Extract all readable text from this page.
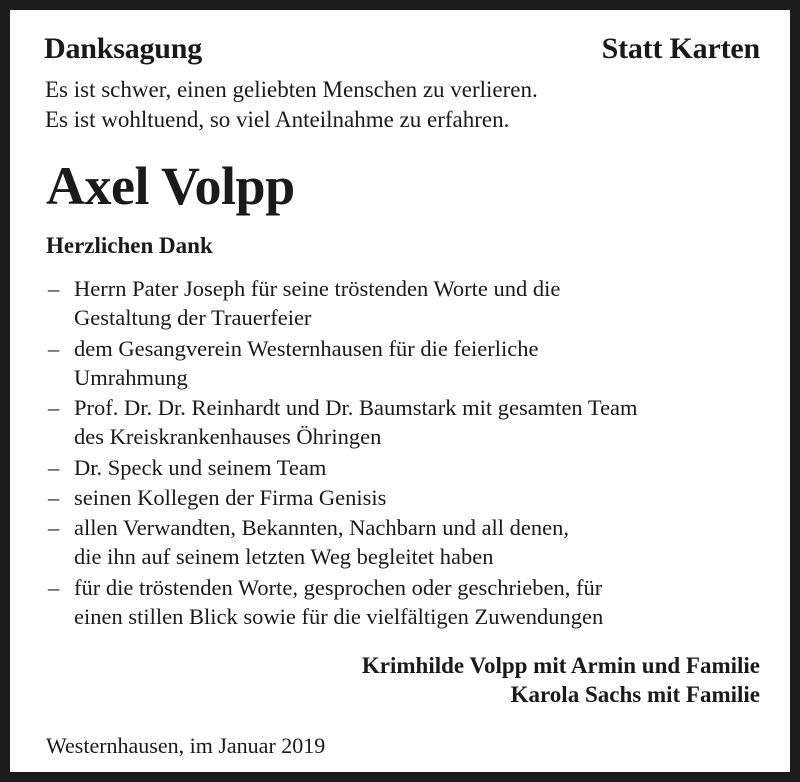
Danksagung	Statt Karten
Es ist schwer, einen geliebten Menschen zu verlieren.
Es ist wohltuend, so viel Anteilnahme zu erfahren.
Axel Volpp
Herzlichen Dank
– Herrn Pater Joseph für seine tröstenden Worte und die
Gestaltung der Trauerfeier
– dem Gesangverein Westernhausen für die feierliche
Umrahmung
– Prof. Dr. Dr. Reinhardt und Dr. Baumstark mit gesamten Team
des Kreiskrankenhauses Öhringen
– Dr. Speck und seinem Team
– seinen Kollegen der Firma Genisis
– allen Verwandten, Bekannten, Nachbarn und all denen,
die ihn auf seinem letzten Weg begleitet haben
– für die tröstenden Worte, gesprochen oder geschrieben, für
einen stillen Blick sowie für die vielfältigen Zuwendungen
Krimhilde Volpp mit Armin und Familie
Karola Sachs mit Familie
Westernhausen, im Januar 2019
